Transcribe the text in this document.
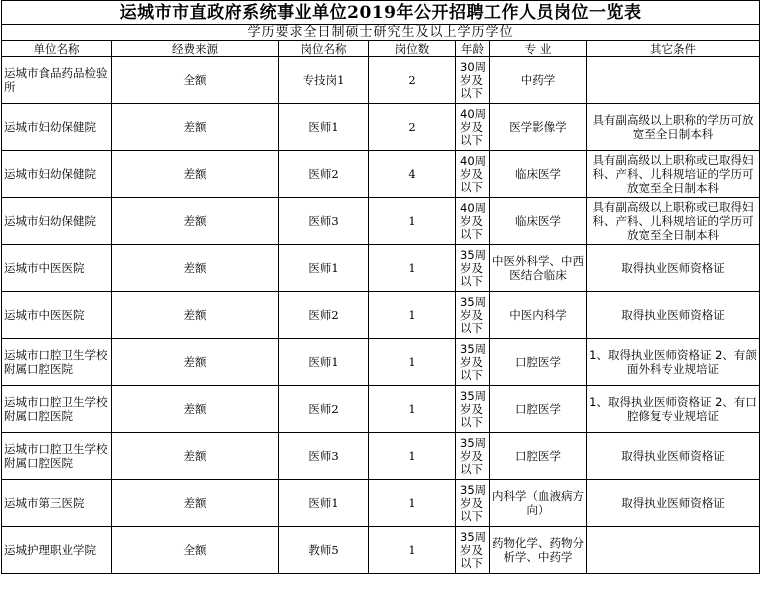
运城市市直政府系统事业单位2019年公开招聘工作人员岗位一览表						
学历要求全日制硕士研究生及以上学历学位						
单位名称	经费来源	岗位名称	岗位数	年龄	专 业	其它条件
运城市食品药品检验所	全额	专技岗1	2	30周岁及以下	中药学	
运城市妇幼保健院	差额	医师1	2	40周岁及以下	医学影像学	具有副高级以上职称的学历可放宽至全日制本科
运城市妇幼保健院	差额	医师2	4	40周岁及以下	临床医学	具有副高级以上职称或已取得妇科、产科、儿科规培证的学历可放宽至全日制本科
运城市妇幼保健院	差额	医师3	1	40周岁及以下	临床医学	具有副高级以上职称或已取得妇科、产科、儿科规培证的学历可放宽至全日制本科
运城市中医医院	差额	医师1	1	35周岁及以下	中医外科学、中西医结合临床	取得执业医师资格证
运城市中医医院	差额	医师2	1	35周岁及以下	中医内科学	取得执业医师资格证
运城市口腔卫生学校附属口腔医院	差额	医师1	1	35周岁及以下	口腔医学	1、取得执业医师资格证 2、有颌面外科专业规培证
运城市口腔卫生学校附属口腔医院	差额	医师2	1	35周岁及以下	口腔医学	1、取得执业医师资格证 2、有口腔修复专业规培证
运城市口腔卫生学校附属口腔医院	差额	医师3	1	35周岁及以下	口腔医学	取得执业医师资格证
运城市第三医院	差额	医师1	1	35周岁及以下	内科学（血液病方向）	取得执业医师资格证
运城护理职业学院	全额	教师5	1	35周岁及以下	药物化学、药物分析学、中药学	
